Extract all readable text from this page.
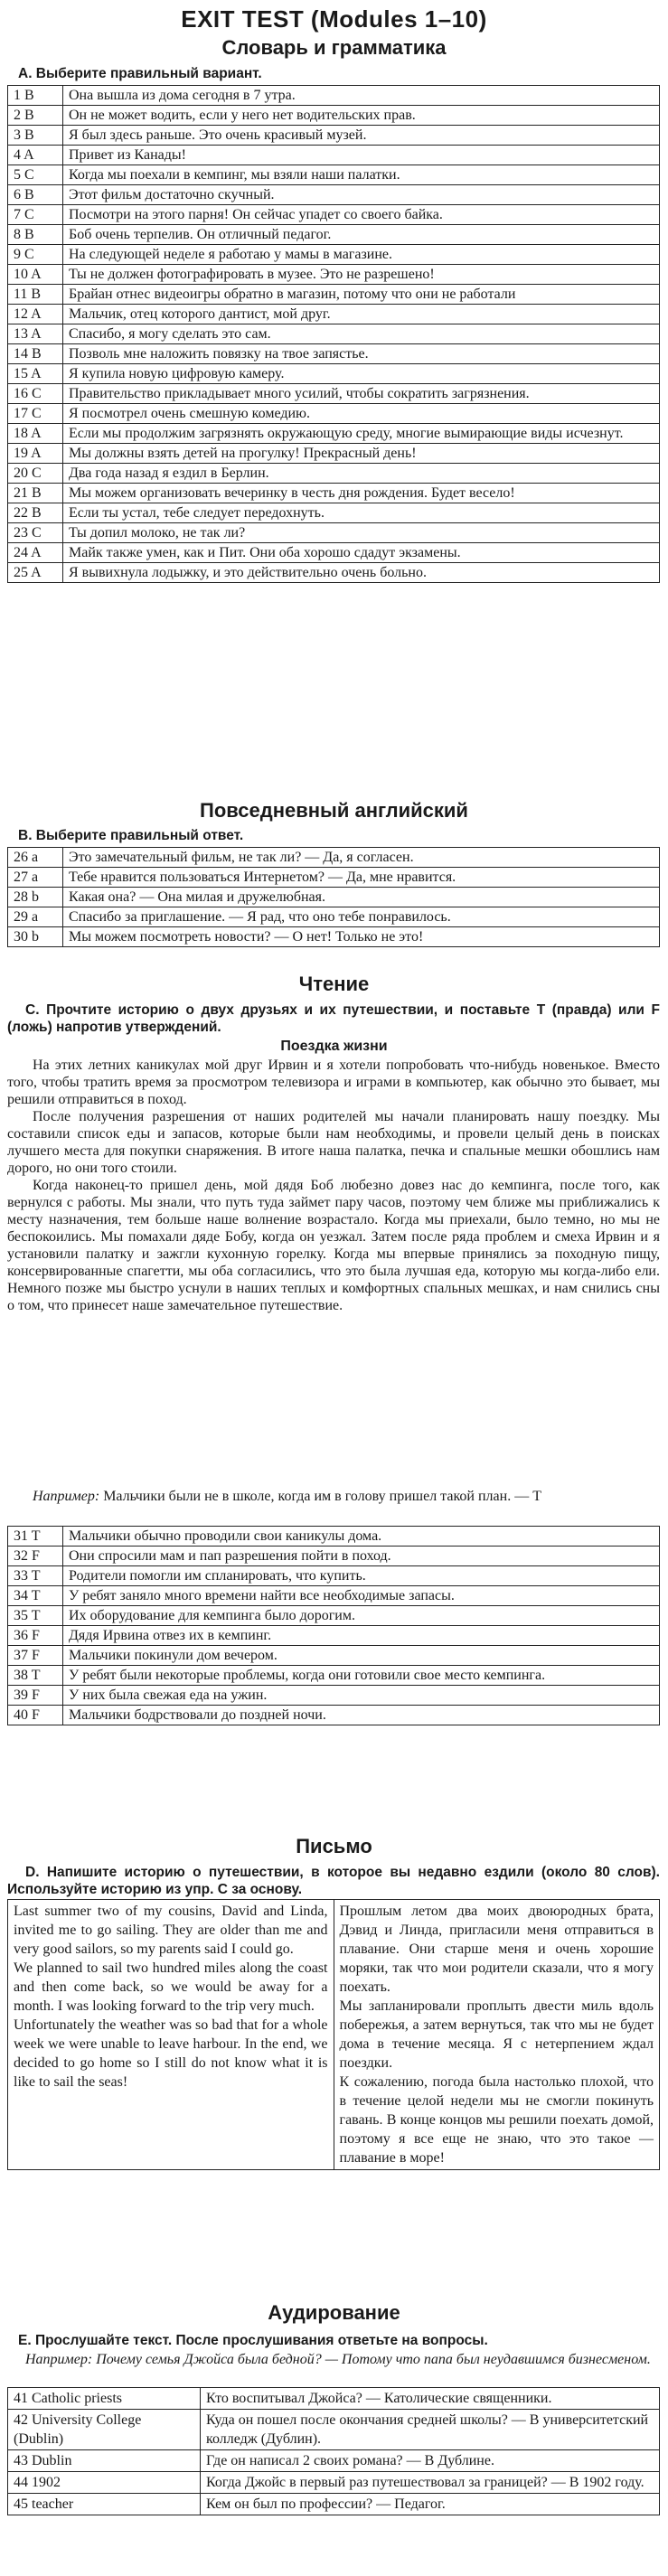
EXIT TEST (Modules 1–10)
Словарь и грамматика
A. Выберите правильный вариант.
1 B	Она вышла из дома сегодня в 7 утра.
2 B	Он не может водить, если у него нет водительских прав.
3 B	Я был здесь раньше. Это очень красивый музей.
4 A	Привет из Канады!
5 C	Когда мы поехали в кемпинг, мы взяли наши палатки.
6 B	Этот фильм достаточно скучный.
7 C	Посмотри на этого парня! Он сейчас упадет со своего байка.
8 B	Боб очень терпелив. Он отличный педагог.
9 C	На следующей неделе я работаю у мамы в магазине.
10 A	Ты не должен фотографировать в музее. Это не разрешено!
11 B	Брайан отнес видеоигры обратно в магазин, потому что они не работали
12 A	Мальчик, отец которого дантист, мой друг.
13 A	Спасибо, я могу сделать это сам.
14 B	Позволь мне наложить повязку на твое запястье.
15 A	Я купила новую цифровую камеру.
16 C	Правительство прикладывает много усилий, чтобы сократить загрязнения.
17 C	Я посмотрел очень смешную комедию.
18 A	Если мы продолжим загрязнять окружающую среду, многие вымирающие виды исчезнут.
19 A	Мы должны взять детей на прогулку! Прекрасный день!
20 C	Два года назад я ездил в Берлин.
21 B	Мы можем организовать вечеринку в честь дня рождения. Будет весело!
22 B	Если ты устал, тебе следует передохнуть.
23 C	Ты допил молоко, не так ли?
24 A	Майк также умен, как и Пит. Они оба хорошо сдадут экзамены.
25 A	Я вывихнула лодыжку, и это действительно очень больно.
Повседневный английский
B. Выберите правильный ответ.
26 a	Это замечательный фильм, не так ли? — Да, я согласен.
27 a	Тебе нравится пользоваться Интернетом? — Да, мне нравится.
28 b	Какая она? — Она милая и дружелюбная.
29 a	Спасибо за приглашение. — Я рад, что оно тебе понравилось.
30 b	Мы можем посмотреть новости? — О нет! Только не это!
Чтение
C. Прочтите историю о двух друзьях и их путешествии, и поставьте T (правда) или F (ложь) напротив утверждений.
Поездка жизни

На этих летних каникулах мой друг Ирвин и я хотели попробовать что-нибудь новенькое. Вместо того, чтобы тратить время за просмотром телевизора и играми в компьютер, как обычно это бывает, мы решили отправиться в поход.

После получения разрешения от наших родителей мы начали планировать нашу поездку. Мы составили список еды и запасов, которые были нам необходимы, и провели целый день в поисках лучшего места для покупки снаряжения. В итоге наша палатка, печка и спальные мешки обошлись нам дорого, но они того стоили.

Когда наконец-то пришел день, мой дядя Боб любезно довез нас до кемпинга, после того, как вернулся с работы. Мы знали, что путь туда займет пару часов, поэтому чем ближе мы приближались к месту назначения, тем больше наше волнение возрастало. Когда мы приехали, было темно, но мы не беспокоились. Мы помахали дяде Бобу, когда он уезжал. Затем после ряда проблем и смеха Ирвин и я установили палатку и зажгли кухонную горелку. Когда мы впервые принялись за походную пищу, консервированные спагетти, мы оба согласились, что это была лучшая еда, которую мы когда-либо ели. Немного позже мы быстро уснули в наших теплых и комфортных спальных мешках, и нам снились сны о том, что принесет наше замечательное путешествие.

Например: Мальчики были не в школе, когда им в голову пришел такой план. — T
31 T	Мальчики обычно проводили свои каникулы дома.
32 F	Они спросили мам и пап разрешения пойти в поход.
33 T	Родители помогли им спланировать, что купить.
34 T	У ребят заняло много времени найти все необходимые запасы.
35 T	Их оборудование для кемпинга было дорогим.
36 F	Дядя Ирвина отвез их в кемпинг.
37 F	Мальчики покинули дом вечером.
38 T	У ребят были некоторые проблемы, когда они готовили свое место кемпинга.
39 F	У них была свежая еда на ужин.
40 F	Мальчики бодрствовали до поздней ночи.
Письмо
D. Напишите историю о путешествии, в которое вы недавно ездили (около 80 слов). Используйте историю из упр. C за основу.

Last summer two of my cousins, David and Linda, invited me to go sailing. They are older than me and very good sailors, so my parents said I could go.

We planned to sail two hundred miles along the coast and then come back, so we would be away for a month. I was looking forward to the trip very much.

Unfortunately the weather was so bad that for a whole week we were unable to leave harbour. In the end, we decided to go home so I still do not know what it is like to sail the seas!

Прошлым летом два моих двоюродных брата, Дэвид и Линда, пригласили меня отправиться в плавание. Они старше меня и очень хорошие моряки, так что мои родители сказали, что я могу поехать.

Мы запланировали проплыть двести миль вдоль побережья, а затем вернуться, так что мы не будет дома в течение месяца. Я с нетерпением ждал поездки.

К сожалению, погода была настолько плохой, что в течение целой недели мы не смогли покинуть гавань. В конце концов мы решили поехать домой, поэтому я все еще не знаю, что это такое — плавание в море!

Аудирование
E. Прослушайте текст. После прослушивания ответьте на вопросы.
Например: Почему семья Джойса была бедной? — Потому что папа был неудавшимся бизнесменом.
41 Catholic priests	Кто воспитывал Джойса? — Католические священники.
42 University College (Dublin)	Куда он пошел после окончания средней школы? — В университетский колледж (Дублин).
43 Dublin	Где он написал 2 своих романа? — В Дублине.
44 1902	Когда Джойс в первый раз путешествовал за границей? — В 1902 году.
45 teacher	Кем он был по профессии? — Педагог.
